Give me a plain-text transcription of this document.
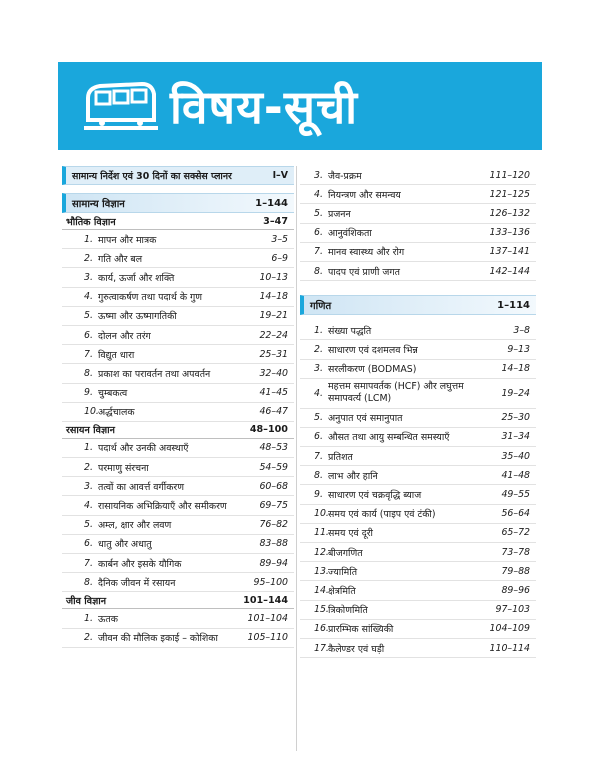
विषय-सूची
सामान्य निर्देश एवं 30 दिनों का सक्सेस प्लानर	I–V
सामान्य विज्ञान	1–144
भौतिक विज्ञान	3–47
1. मापन और मात्रक	3–5
2. गति और बल	6–9
3. कार्य, ऊर्जा और शक्ति	10–13
4. गुरुत्वाकर्षण तथा पदार्थ के गुण	14–18
5. ऊष्मा और ऊष्मागतिकी	19–21
6. दोलन और तरंग	22–24
7. विद्युत धारा	25–31
8. प्रकाश का परावर्तन तथा अपवर्तन	32–40
9. चुम्बकत्व	41–45
10. अर्द्धचालक	46–47
रसायन विज्ञान	48–100
1. पदार्थ और उनकी अवस्थाएँ	48–53
2. परमाणु संरचना	54–59
3. तत्वों का आवर्त्त वर्गीकरण	60–68
4. रासायनिक अभिक्रियाएँ और समीकरण	69–75
5. अम्ल, क्षार और लवण	76–82
6. धातु और अधातु	83–88
7. कार्बन और इसके यौगिक	89–94
8. दैनिक जीवन में रसायन	95–100
जीव विज्ञान	101–144
1. ऊतक	101–104
2. जीवन की मौलिक इकाई – कोशिका	105–110
3. जैव-प्रक्रम	111–120
4. नियन्त्रण और समन्वय	121–125
5. प्रजनन	126–132
6. आनुवंशिकता	133–136
7. मानव स्वास्थ्य और रोग	137–141
8. पादप एवं प्राणी जगत	142–144
गणित	1–114
1. संख्या पद्धति	3–8
2. साधारण एवं दशमलव भिन्न	9–13
3. सरलीकरण (BODMAS)	14–18
4.
महत्तम समापवर्तक (HCF) और लघुत्तम समापवर्त्य (LCM)	19–24
5. अनुपात एवं समानुपात	25–30
6. औसत तथा आयु सम्बन्धित समस्याएँ	31–34
7. प्रतिशत	35–40
8. लाभ और हानि	41–48
9. साधारण एवं चक्रवृद्धि ब्याज	49–55
10. समय एवं कार्य (पाइप एवं टंकी)	56–64
11. समय एवं दूरी	65–72
12. बीजगणित	73–78
13. ज्यामिति	79–88
14. क्षेत्रमिति	89–96
15. त्रिकोणमिति	97–103
16. प्रारम्भिक सांख्यिकी	104–109
17. कैलेण्डर एवं घड़ी	110–114
